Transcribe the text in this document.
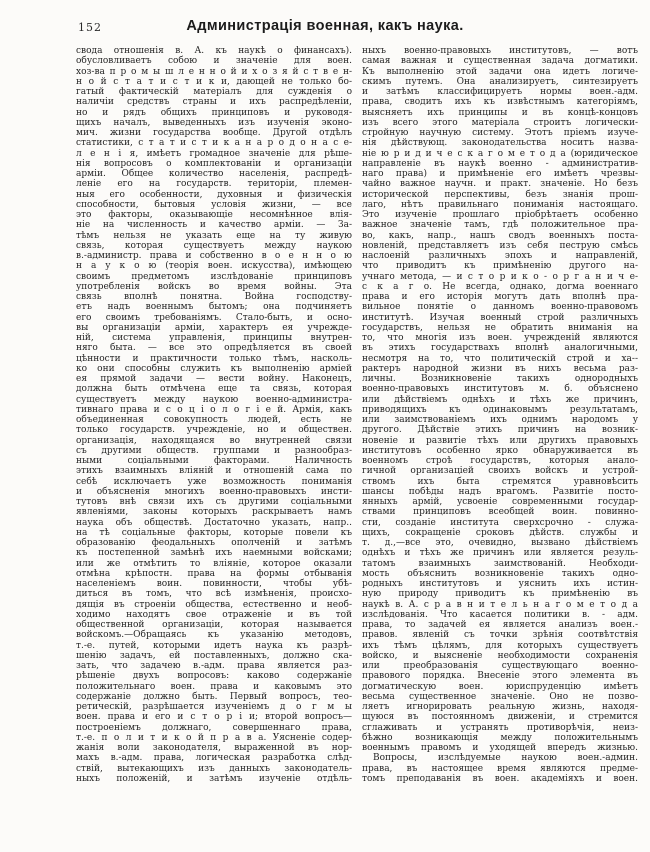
152	Администрація военная, какъ наука.
свода отношенія в. А. къ наукѣ о финансахъ).
обусловливаетъ собою и значеніе для воен.
хоз-ва п р о м ы ш л е н н о й и х о з я й с т в е н-
н о й с т а т и с т и к и, дающей не только бо-
гатый фактическій матеріалъ для сужденія о
наличіи средствъ страны и ихъ распредѣленіи,
но и рядъ общихъ принциповъ и руководя-
щихъ началъ, выведенныхъ изъ изученія эконо-
мич. жизни государства вообще. Другой отдѣлъ
статистики, с т а т и с т и к а н а р о д о н а с е-
л е н і я, имѣетъ громадное значеніе для рѣше-
нія вопросовъ о комплектованіи и организаціи
арміи. Общее количество населенія, распредѣ-
леніе его на государств. територіи, племен-
ныя его особенности, духовныя и физическія
способности, бытовыя условія жизни, — все
это факторы, оказывающіе несомнѣнное влія-
ніе на численность и качество арміи. — За-
тѣмъ нельзя не указать еще на ту живую
связь, которая существуетъ между наукою
в.-администр. права и собственно в о е н н о ю
н а у к о ю (теорія воен. искусства), имѣющею
своимъ предметомъ изслѣдованіе принциповъ
употребленія войскъ во время войны. Эта
связь вполнѣ понятна. Война господству-
етъ надъ военнымъ бытомъ; она подчиняетъ
его своимъ требованіямъ. Стало-быть, и осно-
вы организаціи арміи, характеръ ея учрежде-
ній, система управленія, принципы внутрен-
няго быта. — все это опредѣляется въ своей
цѣнности и практичности только тѣмъ, насколь-
ко они способны служить къ выполненію арміей
ея прямой задачи — вести войну. Наконецъ,
должна быть отмѣчена еще та связь, которая
существуетъ между наукою военно-администра-
тивнаго права и с о ц і о л о г і е й. Армія, какъ
объединенная совокупность людей, есть не
только государств. учрежденіе, но и обществен.
организація, находящаяся во внутренней связи
съ другими обществ. группами и разнообраз-
ными соціальными факторами. Наличность
этихъ взаимныхъ вліяній и отношеній сама по
себѣ исключаетъ уже возможность пониманія
и объясненія многихъ военно-правовыхъ инсти-
тутовъ внѣ связи ихъ съ другими соціальными
явленіями, законы которыхъ раскрываетъ намъ
наука объ обществѣ. Достаточно указать, напр..
на тѣ соціальные факторы, которые повели къ
образованію феодальныхъ ополченій и затѣмъ
къ постепенной замѣнѣ ихъ наемными войсками;
или же отмѣтить то вліяніе, которое оказали
отмѣна крѣпостн. права на формы отбыванія
населеніемъ воин. повинности, чтобы убѣ-
диться въ томъ, что всѣ измѣненія, происхо-
дящія въ строеніи общества, естественно и необ-
ходимо находятъ свое отраженіе и въ той
общественной организаціи, которая называется
войскомъ.—Обращаясь къ указанію методовъ,
т.-е. путей, которыми идетъ наука къ разрѣ-
шенію задачъ, ей поставленныхъ, должно ска-
зать, что задачею в.-адм. права является раз-
рѣшеніе двухъ вопросовъ: каково содержаніе
положительнаго воен. права и каковымъ это
содержаніе должно быть. Первый вопросъ, тео-
ретическій, разрѣшается изученіемъ д о г м ы
воен. права и его и с т о р і и; второй вопросъ—
построеніемъ должнаго, совершеннаго права,
т.-е. п о л и т и к о й п р а в а. Уясненіе содер-
жанія воли законодателя, выраженной въ нор-
махъ в.-адм. права, логическая разработка слѣд-
ствій, вытекающихъ изъ данныхъ законодатель-
ныхъ положеній, и затѣмъ изученіе отдѣль-
ныхъ военно-правовыхъ институтовъ, — вотъ
самая важная и существенная задача догматики.
Къ выполненію этой задачи она идетъ логиче-
скимъ путемъ. Она анализируетъ, синтезируетъ
и затѣмъ классифицируетъ нормы воен.-адм.
права, сводитъ ихъ къ извѣстнымъ категоріямъ,
выясняетъ ихъ принципы и въ концѣ-концовъ
изъ всего этого матеріала строитъ логически-
стройную научную систему. Этотъ пріемъ изуче-
нія дѣйствующ. законодательства носитъ назва-
ніе ю р и д и ч е с к а г о м е т о д а (юридическое
направленіе въ наукѣ военно - административ-
наго права) и примѣненіе его имѣетъ чрезвы-
чайно важное научн. и практ. значеніе. Но безъ
исторической перспективы, безъ знанія прош-
лаго, нѣтъ правильнаго пониманія настоящаго.
Это изученіе прошлаго пріобрѣтаетъ особенно
важное значеніе тамъ, гдѣ положительное пра-
во, какъ, напр., нашъ сводъ военныхъ поста-
новленій, представляетъ изъ себя пеструю смѣсь
наслоеній различныхъ эпохъ и направленій,
что приводитъ къ примѣненію другого на-
учнаго метода, — и с т о р и к о - о р г а н и ч е-
с к а г о. Не всегда, однако, догма военнаго
права и его исторія могутъ дать вполнѣ пра-
вильное понятіе о данномъ военно-правовомъ
институтѣ. Изучая военный строй различныхъ
государствъ, нельзя не обратить вниманія на
то, что многія изъ воен. учрежденій являются
въ этихъ государствахъ вполнѣ аналогичными,
несмотря на то, что политическій строй и ха--
рактеръ народной жизни въ нихъ весьма раз-
личны. Возникновеніе такихъ однородныхъ
военно-правовыхъ институтовъ м. б. объяснено
или дѣйствіемъ однѣхъ и тѣхъ же причинъ,
приводящихъ къ одинаковымъ результатамъ,
или заимствованіемъ ихъ однимъ народомъ у
другого. Дѣйствіе этихъ причинъ на возник-
новеніе и развитіе тѣхъ или другихъ правовыхъ
институтовъ особенно ярко обнаруживается въ
военномъ строѣ государствъ, которыя анало-
гичной организаціей своихъ войскъ и устрой-
ствомъ ихъ быта стремятся уравновѣсить
шансы побѣды надъ врагомъ. Развитіе посто-
янныхъ армій, усвоеніе современными государ-
ствами принциповъ всеобщей воин. повинно-
сти, созданіе института сверхсрочно - служа-
щихъ, сокращеніе сроковъ дѣйств. службы и
т. д.,—все это, очевидно, вызвано дѣйствіемъ
однѣхъ и тѣхъ же причинъ или является резуль-
татомъ взаимныхъ заимствованій. Необходи-
мость объяснить возникновеніе такихъ одно-
родныхъ институтовъ и уяснить ихъ истин-
ную природу приводитъ къ примѣненію въ
наукѣ в. А. с р а в н и т е л ь н а г о м е т о д а
изслѣдованія. Что касается политики в. - адм.
права, то задачей ея является анализъ воен.-
правов. явленій съ точки зрѣнія соотвѣтствія
ихъ тѣмъ цѣлямъ, для которыхъ существуетъ
войско, и выясненіе необходимости сохраненія
или преобразованія существующаго военно-
правового порядка. Внесеніе этого элемента въ
догматическую воен. юриспруденцію имѣетъ
весьма существенное значеніе. Оно не позво-
ляетъ игнорировать реальную жизнь, находя-
щуюся въ постоянномъ движеніи, и стремится
сглаживать и устранять противорѣчія, неиз-
бѣжно возникающія между положительнымъ
военнымъ правомъ и уходящей впередъ жизнью.
Вопросы, изслѣдуемые наукою воен.-админ.
права, въ настоящее время являются предме-
томъ преподаванія въ воен. академіяхъ и воен.
